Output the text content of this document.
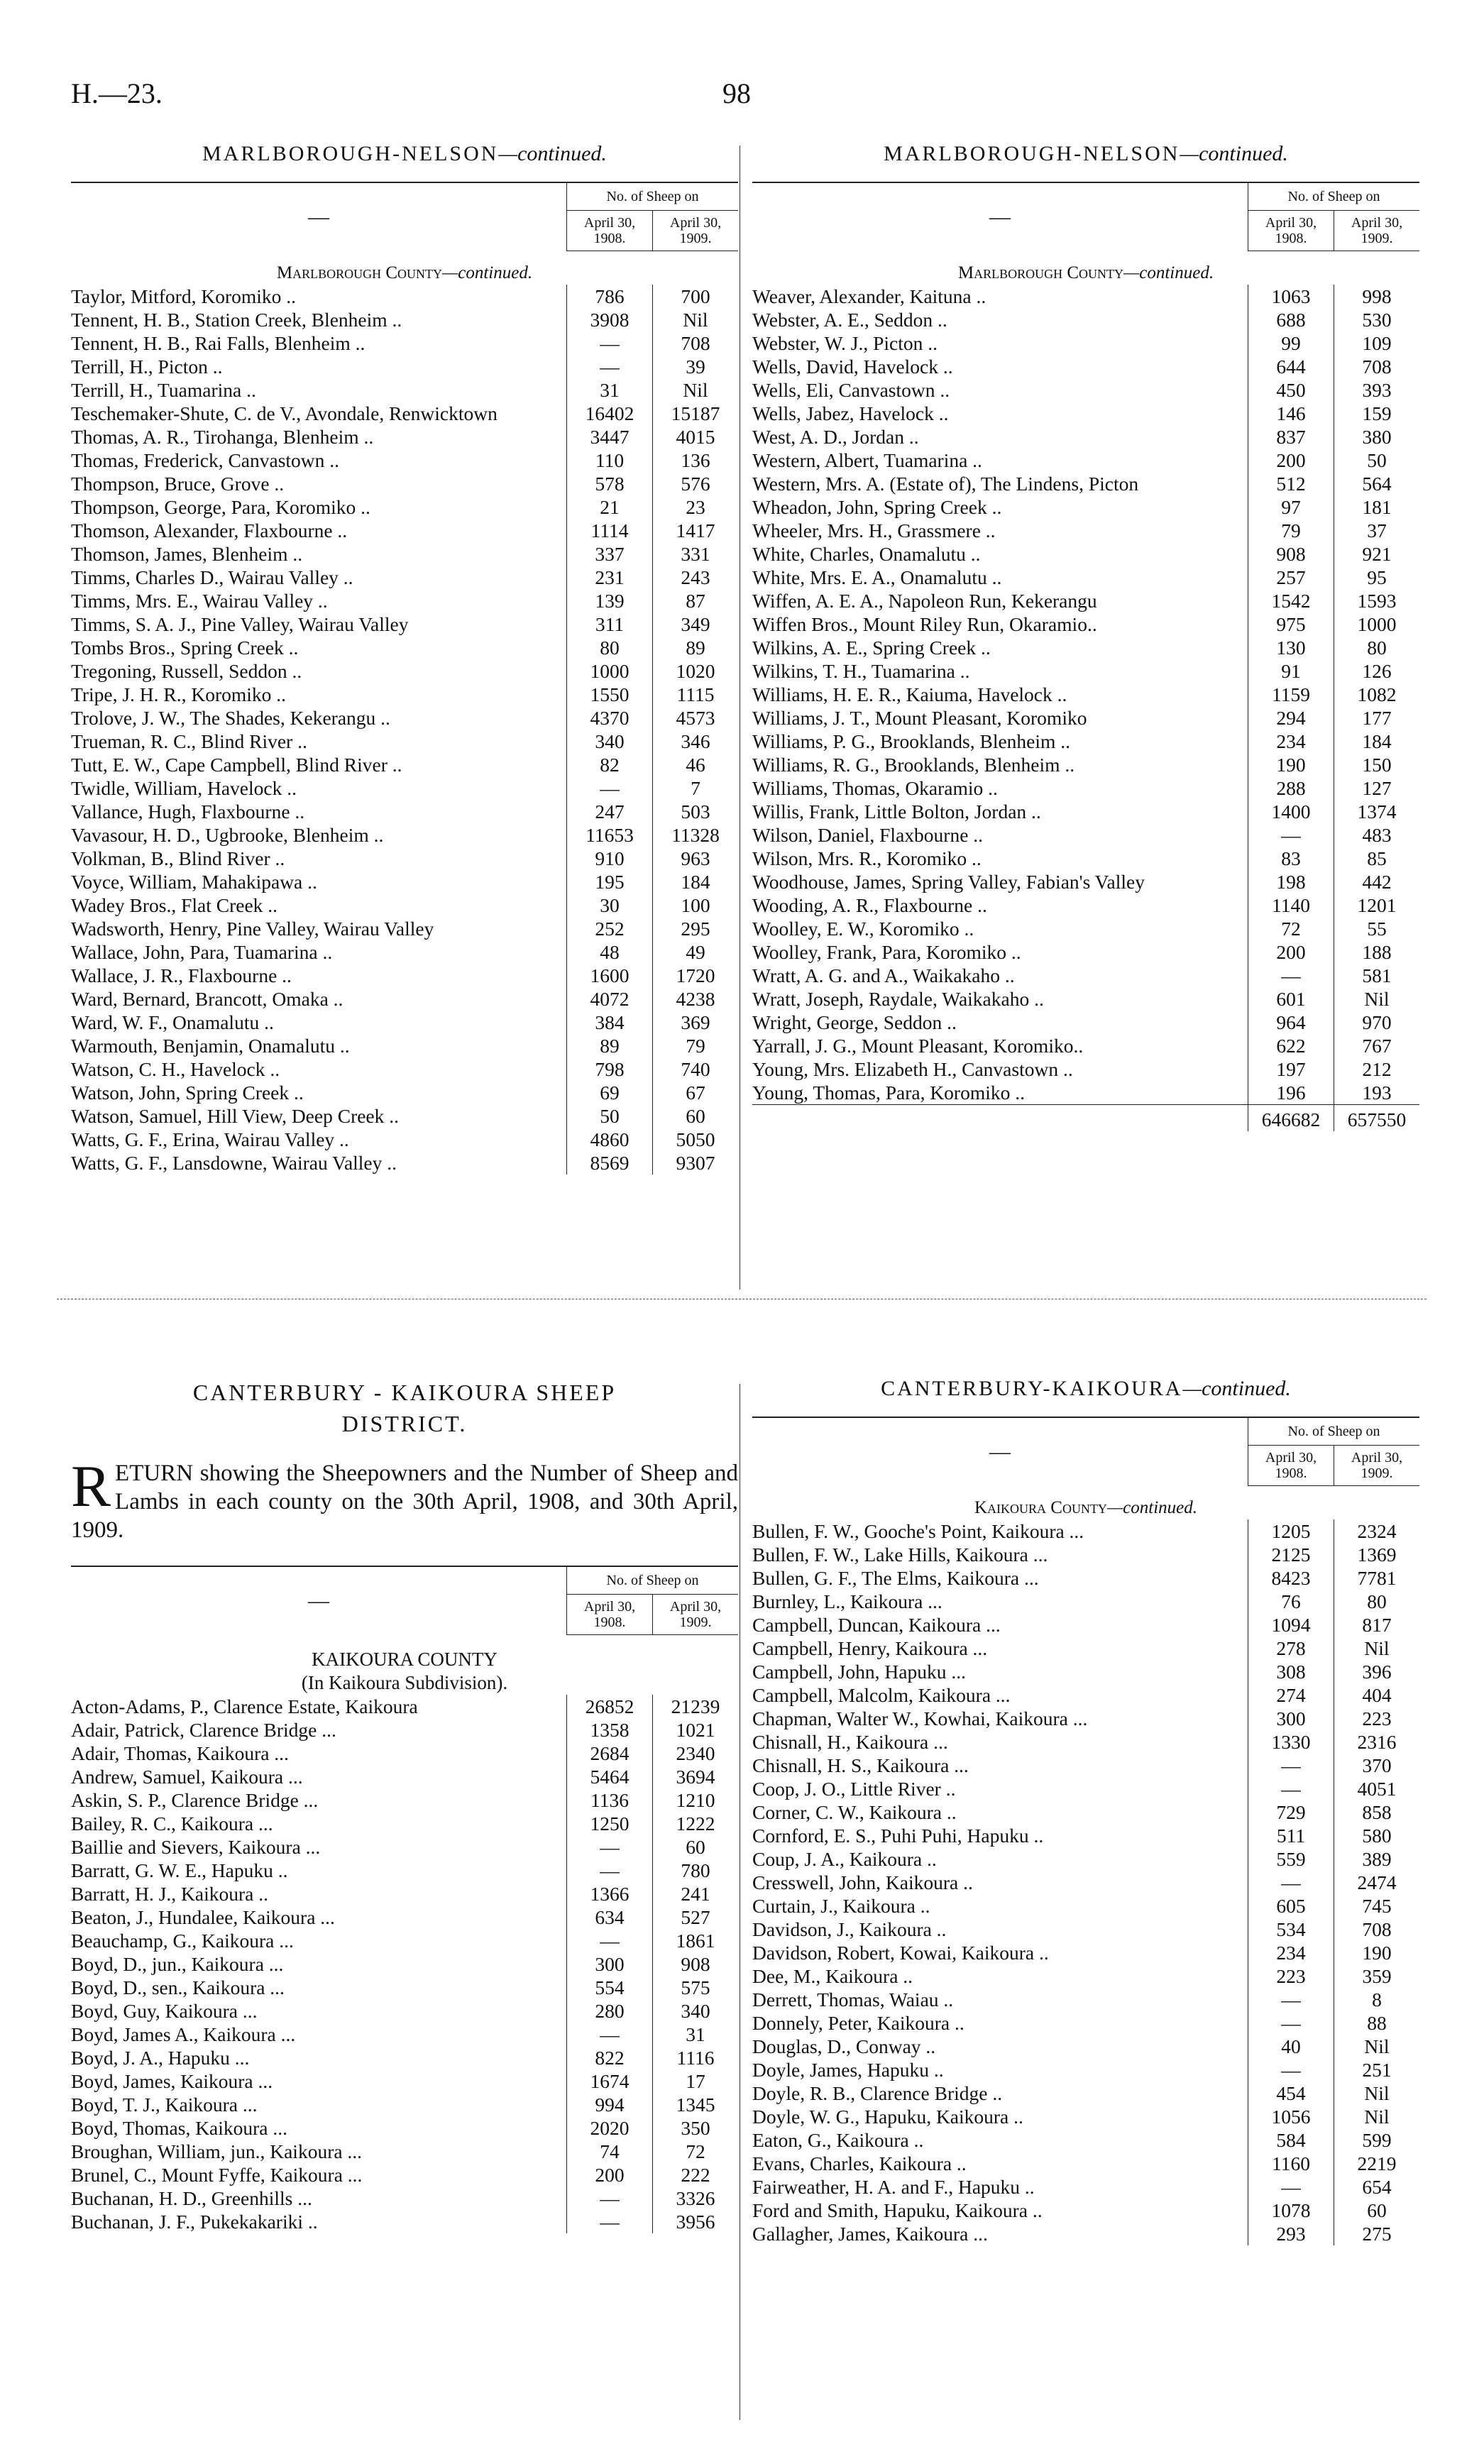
H.—23.	98
MARLBOROUGH-NELSON—continued.
—	No. of Sheep on	
	April 30, 1908.	April 30, 1909.
Marlborough County—continued.		
Taylor, Mitford, Koromiko ..	786	700
Tennent, H. B., Station Creek, Blenheim ..	3908	Nil
Tennent, H. B., Rai Falls, Blenheim ..	—	708
Terrill, H., Picton ..	—	39
Terrill, H., Tuamarina ..	31	Nil
Teschemaker-Shute, C. de V., Avondale, Renwicktown	16402	15187
Thomas, A. R., Tirohanga, Blenheim ..	3447	4015
Thomas, Frederick, Canvastown ..	110	136
Thompson, Bruce, Grove ..	578	576
Thompson, George, Para, Koromiko ..	21	23
Thomson, Alexander, Flaxbourne ..	1114	1417
Thomson, James, Blenheim ..	337	331
Timms, Charles D., Wairau Valley ..	231	243
Timms, Mrs. E., Wairau Valley ..	139	87
Timms, S. A. J., Pine Valley, Wairau Valley	311	349
Tombs Bros., Spring Creek ..	80	89
Tregoning, Russell, Seddon ..	1000	1020
Tripe, J. H. R., Koromiko ..	1550	1115
Trolove, J. W., The Shades, Kekerangu ..	4370	4573
Trueman, R. C., Blind River ..	340	346
Tutt, E. W., Cape Campbell, Blind River ..	82	46
Twidle, William, Havelock ..	—	7
Vallance, Hugh, Flaxbourne ..	247	503
Vavasour, H. D., Ugbrooke, Blenheim ..	11653	11328
Volkman, B., Blind River ..	910	963
Voyce, William, Mahakipawa ..	195	184
Wadey Bros., Flat Creek ..	30	100
Wadsworth, Henry, Pine Valley, Wairau Valley	252	295
Wallace, John, Para, Tuamarina ..	48	49
Wallace, J. R., Flaxbourne ..	1600	1720
Ward, Bernard, Brancott, Omaka ..	4072	4238
Ward, W. F., Onamalutu ..	384	369
Warmouth, Benjamin, Onamalutu ..	89	79
Watson, C. H., Havelock ..	798	740
Watson, John, Spring Creek ..	69	67
Watson, Samuel, Hill View, Deep Creek ..	50	60
Watts, G. F., Erina, Wairau Valley ..	4860	5050
Watts, G. F., Lansdowne, Wairau Valley ..	8569	9307
MARLBOROUGH-NELSON—continued.
—	No. of Sheep on	
	April 30, 1908.	April 30, 1909.
Marlborough County—continued.		
Weaver, Alexander, Kaituna ..	1063	998
Webster, A. E., Seddon ..	688	530
Webster, W. J., Picton ..	99	109
Wells, David, Havelock ..	644	708
Wells, Eli, Canvastown ..	450	393
Wells, Jabez, Havelock ..	146	159
West, A. D., Jordan ..	837	380
Western, Albert, Tuamarina ..	200	50
Western, Mrs. A. (Estate of), The Lindens, Picton	512	564
Wheadon, John, Spring Creek ..	97	181
Wheeler, Mrs. H., Grassmere ..	79	37
White, Charles, Onamalutu ..	908	921
White, Mrs. E. A., Onamalutu ..	257	95
Wiffen, A. E. A., Napoleon Run, Kekerangu	1542	1593
Wiffen Bros., Mount Riley Run, Okaramio..	975	1000
Wilkins, A. E., Spring Creek ..	130	80
Wilkins, T. H., Tuamarina ..	91	126
Williams, H. E. R., Kaiuma, Havelock ..	1159	1082
Williams, J. T., Mount Pleasant, Koromiko	294	177
Williams, P. G., Brooklands, Blenheim ..	234	184
Williams, R. G., Brooklands, Blenheim ..	190	150
Williams, Thomas, Okaramio ..	288	127
Willis, Frank, Little Bolton, Jordan ..	1400	1374
Wilson, Daniel, Flaxbourne ..	—	483
Wilson, Mrs. R., Koromiko ..	83	85
Woodhouse, James, Spring Valley, Fabian's Valley	198	442
Wooding, A. R., Flaxbourne ..	1140	1201
Woolley, E. W., Koromiko ..	72	55
Woolley, Frank, Para, Koromiko ..	200	188
Wratt, A. G. and A., Waikakaho ..	—	581
Wratt, Joseph, Raydale, Waikakaho ..	601	Nil
Wright, George, Seddon ..	964	970
Yarrall, J. G., Mount Pleasant, Koromiko..	622	767
Young, Mrs. Elizabeth H., Canvastown ..	197	212
Young, Thomas, Para, Koromiko ..	196	193
	646682	657550
CANTERBURY - KAIKOURA SHEEP DISTRICT.
RETURN showing the Sheepowners and the Number of Sheep and Lambs in each county on the 30th April, 1908, and 30th April, 1909.
—	No. of Sheep on	
	April 30, 1908.	April 30, 1909.
KAIKOURA COUNTY		
(In Kaikoura Subdivision).		
Acton-Adams, P., Clarence Estate, Kaikoura	26852	21239
Adair, Patrick, Clarence Bridge ...	1358	1021
Adair, Thomas, Kaikoura ...	2684	2340
Andrew, Samuel, Kaikoura ...	5464	3694
Askin, S. P., Clarence Bridge ...	1136	1210
Bailey, R. C., Kaikoura ...	1250	1222
Baillie and Sievers, Kaikoura ...	—	60
Barratt, G. W. E., Hapuku ..	—	780
Barratt, H. J., Kaikoura ..	1366	241
Beaton, J., Hundalee, Kaikoura ...	634	527
Beauchamp, G., Kaikoura ...	—	1861
Boyd, D., jun., Kaikoura ...	300	908
Boyd, D., sen., Kaikoura ...	554	575
Boyd, Guy, Kaikoura ...	280	340
Boyd, James A., Kaikoura ...	—	31
Boyd, J. A., Hapuku ...	822	1116
Boyd, James, Kaikoura ...	1674	17
Boyd, T. J., Kaikoura ...	994	1345
Boyd, Thomas, Kaikoura ...	2020	350
Broughan, William, jun., Kaikoura ...	74	72
Brunel, C., Mount Fyffe, Kaikoura ...	200	222
Buchanan, H. D., Greenhills ...	—	3326
Buchanan, J. F., Pukekakariki ..	—	3956
CANTERBURY-KAIKOURA—continued.
—	No. of Sheep on	
	April 30, 1908.	April 30, 1909.
Kaikoura County—continued.		
Bullen, F. W., Gooche's Point, Kaikoura ...	1205	2324
Bullen, F. W., Lake Hills, Kaikoura ...	2125	1369
Bullen, G. F., The Elms, Kaikoura ...	8423	7781
Burnley, L., Kaikoura ...	76	80
Campbell, Duncan, Kaikoura ...	1094	817
Campbell, Henry, Kaikoura ...	278	Nil
Campbell, John, Hapuku ...	308	396
Campbell, Malcolm, Kaikoura ...	274	404
Chapman, Walter W., Kowhai, Kaikoura ...	300	223
Chisnall, H., Kaikoura ...	1330	2316
Chisnall, H. S., Kaikoura ...	—	370
Coop, J. O., Little River ..	—	4051
Corner, C. W., Kaikoura ..	729	858
Cornford, E. S., Puhi Puhi, Hapuku ..	511	580
Coup, J. A., Kaikoura ..	559	389
Cresswell, John, Kaikoura ..	—	2474
Curtain, J., Kaikoura ..	605	745
Davidson, J., Kaikoura ..	534	708
Davidson, Robert, Kowai, Kaikoura ..	234	190
Dee, M., Kaikoura ..	223	359
Derrett, Thomas, Waiau ..	—	8
Donnely, Peter, Kaikoura ..	—	88
Douglas, D., Conway ..	40	Nil
Doyle, James, Hapuku ..	—	251
Doyle, R. B., Clarence Bridge ..	454	Nil
Doyle, W. G., Hapuku, Kaikoura ..	1056	Nil
Eaton, G., Kaikoura ..	584	599
Evans, Charles, Kaikoura ..	1160	2219
Fairweather, H. A. and F., Hapuku ..	—	654
Ford and Smith, Hapuku, Kaikoura ..	1078	60
Gallagher, James, Kaikoura ...	293	275
